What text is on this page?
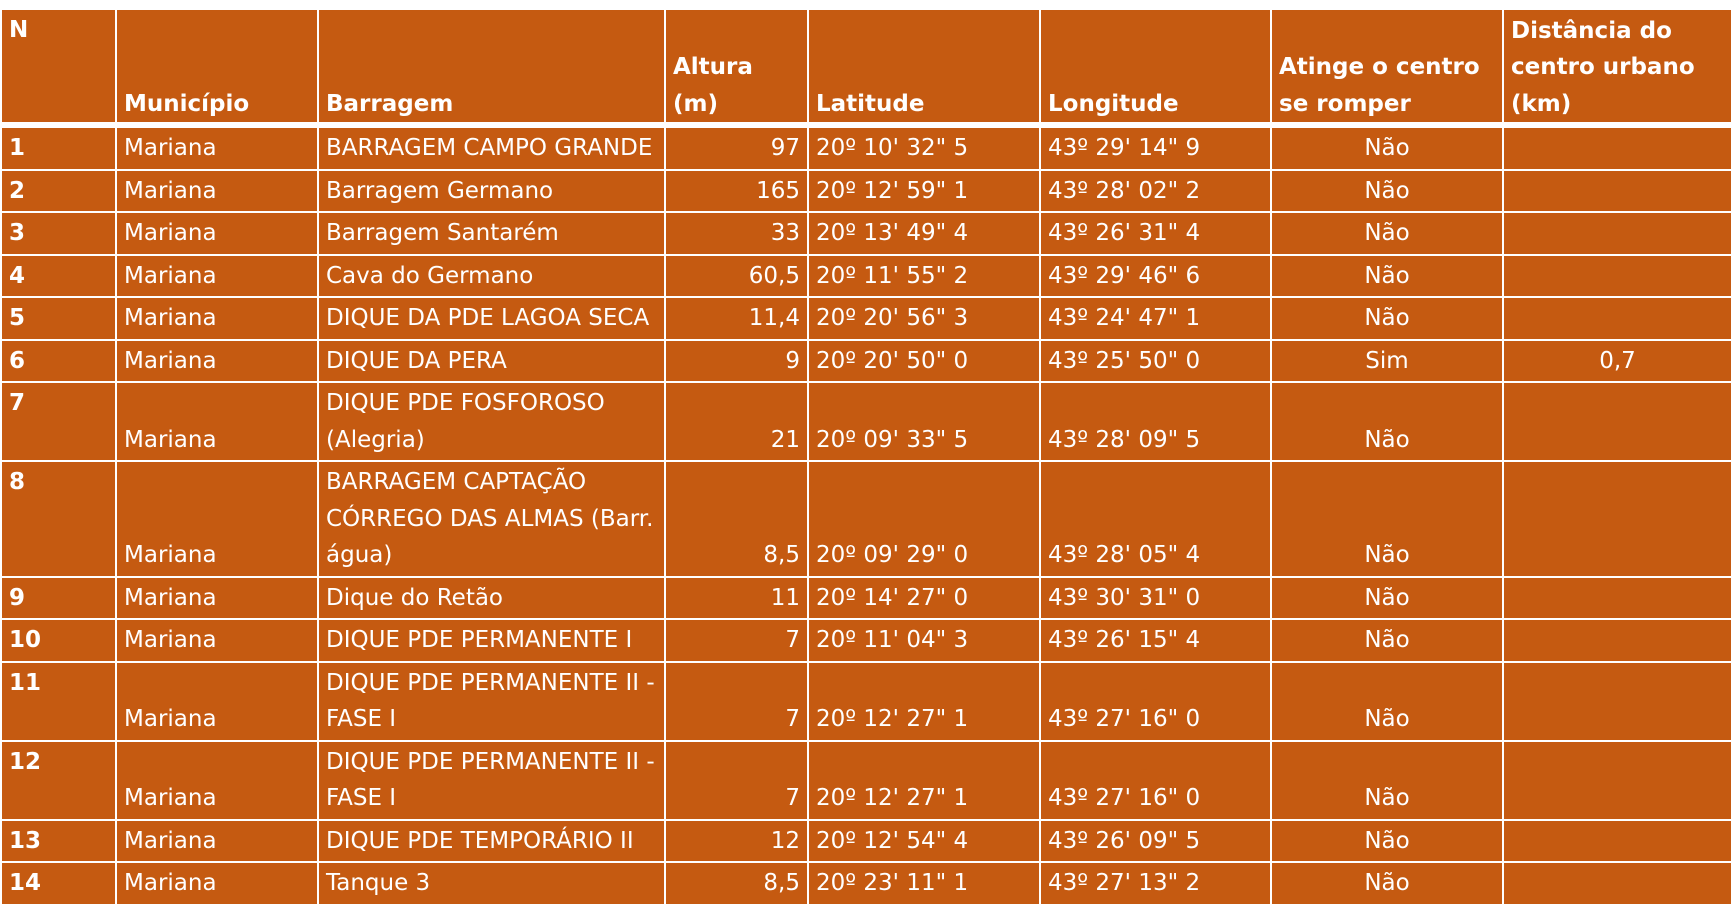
N	Município	Barragem	Altura (m)	Latitude	Longitude	Atinge o centro se romper	Distância do centro urbano (km)
1	Mariana	BARRAGEM CAMPO GRANDE	97	20º 10' 32" 5	43º 29' 14" 9	Não	
2	Mariana	Barragem Germano	165	20º 12' 59" 1	43º 28' 02" 2	Não	
3	Mariana	Barragem Santarém	33	20º 13' 49" 4	43º 26' 31" 4	Não	
4	Mariana	Cava do Germano	60,5	20º 11' 55" 2	43º 29' 46" 6	Não	
5	Mariana	DIQUE DA PDE LAGOA SECA	11,4	20º 20' 56" 3	43º 24' 47" 1	Não	
6	Mariana	DIQUE DA PERA	9	20º 20' 50" 0	43º 25' 50" 0	Sim	0,7
7	Mariana	DIQUE PDE FOSFOROSO (Alegria)	21	20º 09' 33" 5	43º 28' 09" 5	Não	
8	Mariana	BARRAGEM CAPTAÇÃO CÓRREGO DAS ALMAS (Barr. água)	8,5	20º 09' 29" 0	43º 28' 05" 4	Não	
9	Mariana	Dique do Retão	11	20º 14' 27" 0	43º 30' 31" 0	Não	
10	Mariana	DIQUE PDE PERMANENTE I	7	20º 11' 04" 3	43º 26' 15" 4	Não	
11	Mariana	DIQUE PDE PERMANENTE II - FASE I	7	20º 12' 27" 1	43º 27' 16" 0	Não	
12	Mariana	DIQUE PDE PERMANENTE II - FASE I	7	20º 12' 27" 1	43º 27' 16" 0	Não	
13	Mariana	DIQUE PDE TEMPORÁRIO II	12	20º 12' 54" 4	43º 26' 09" 5	Não	
14	Mariana	Tanque 3	8,5	20º 23' 11" 1	43º 27' 13" 2	Não	
